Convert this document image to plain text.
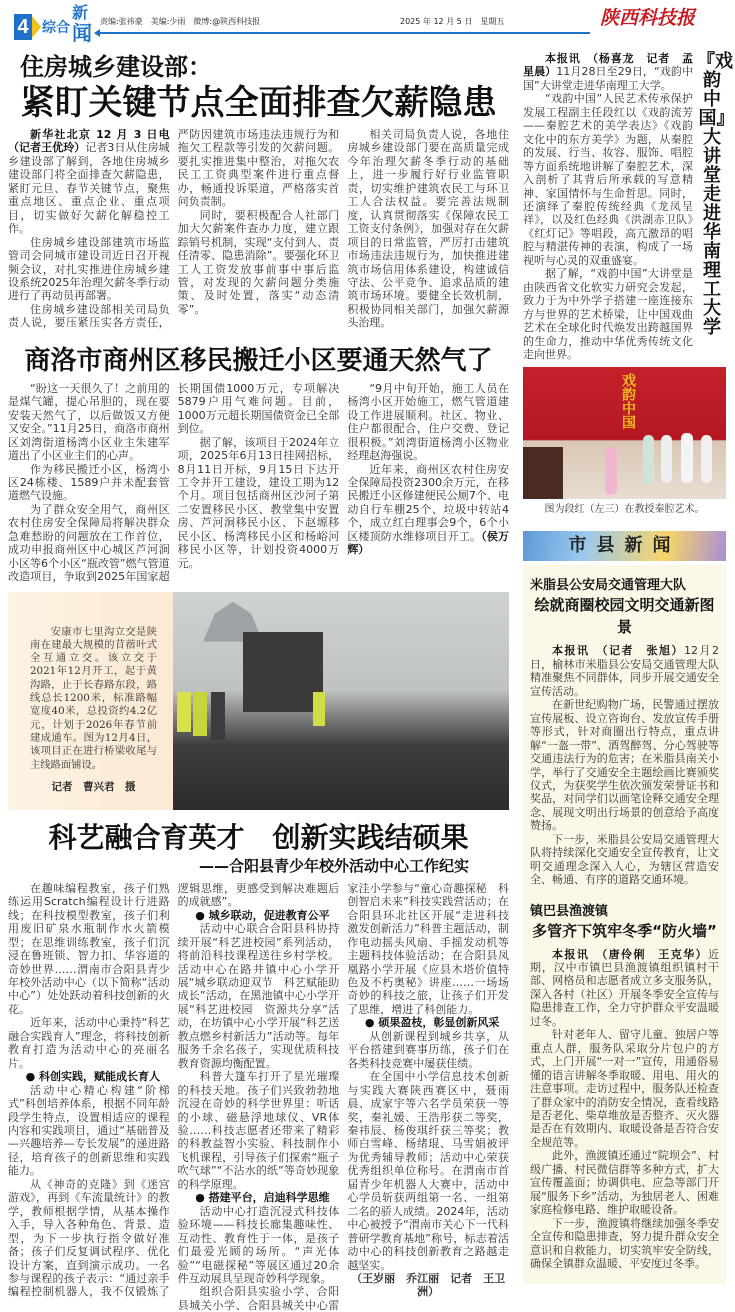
4 综合
新
闻 责编:张祎豪　美编:少雨　微博:@陕西科技报	2025 年 12 月 5 日　星期五	陕西科技报
住房城乡建设部：
紧盯关键节点全面排查欠薪隐患

新华社北京 12 月 3 日电　（记者王优玲）记者3日从住房城乡建设部了解到，各地住房城乡建设部门将全面排查欠薪隐患，紧盯元旦、春节关键节点，聚焦重点地区、重点企业、重点项目，切实做好欠薪化解稳控工作。

住房城乡建设部建筑市场监管司会同城市建设司近日召开视频会议，对扎实推进住房城乡建设系统2025年治理欠薪冬季行动进行了再动员再部署。

住房城乡建设部相关司局负责人说，要压紧压实各方责任，严防因建筑市场违法违规行为和拖欠工程款等引发的欠薪问题。要扎实推进集中整治，对拖欠农民工工资典型案件进行重点督办，畅通投诉渠道，严格落实首问负责制。

同时，要积极配合人社部门加大欠薪案件查办力度，建立跟踪销号机制，实现“支付到人、责任清零、隐患消除”。要强化环卫工人工资发放事前事中事后监管，对发现的欠薪问题分类施策、及时处置，落实“动态清零”。

相关司局负责人说，各地住房城乡建设部门要在高质量完成今年治理欠薪冬季行动的基础上，进一步履行好行业监管职责，切实维护建筑农民工与环卫工人合法权益。要完善法规制度，认真贯彻落实《保障农民工工资支付条例》，加强对存在欠薪项目的日常监管，严厉打击建筑市场违法违规行为，加快推进建筑市场信用体系建设，构建诚信守法、公平竞争、追求品质的建筑市场环境。要健全长效机制，积极协同相关部门，加强欠薪源头治理。

商洛市商州区移民搬迁小区要通天然气了

“盼这一天很久了！之前用的是煤气罐，提心吊胆的，现在要安装天然气了，以后做饭又方便又安全。”11月25日，商洛市商州区刘湾街道杨湾小区业主朱建军道出了小区业主们的心声。

作为移民搬迁小区，杨湾小区24栋楼、1589户并未配套管道燃气设施。

为了群众安全用气，商州区农村住房安全保障局将解决群众急难愁盼的问题放在工作首位，成功申报商州区中心城区芦河涧小区等6个小区“瓶改管”燃气管道改造项目，争取到2025年国家超长期国债1000万元，专项解决5879户用气难问题。目前，1000万元超长期国债资金已全部到位。

据了解，该项目于2024年立项，2025年6月13日挂网招标，8月11日开标，9月15日下达开工令并开工建设，建设工期为12个月。项目包括商州区沙河子第二安置移民小区、教堂集中安置房、芦河涧移民小区、下赵塬移民小区、杨湾移民小区和杨峪河移民小区等，计划投资4000万元。

“9月中旬开始，施工人员在杨湾小区开始施工，燃气管道建设工作进展顺利。社区、物业、住户都很配合，住户交费、登记很积极。”刘湾街道杨湾小区物业经理赵海强说。

近年来，商州区农村住房安全保障局投资2300余万元，在移民搬迁小区修建便民公厕7个、电动自行车棚25个、垃圾中转站4个，成立红白理事会9个，6个小区楼顶防水维修项目开工。（侯万辉）

安康市七里沟立交是陕南在建最大规模的苜蓿叶式全互通立交。该立交于2021年12月开工，起于黄沟路，止于长春路东段，路线总长1200米，标准路幅宽度40米，总投资约4.2亿元，计划于2026年春节前建成通车。图为12月4日，该项目正在进行桥梁收尾与主线路面铺设。
记者　曹兴君　摄
科艺融合育英才　创新实践结硕果
——合阳县青少年校外活动中心工作纪实

在趣味编程教室，孩子们熟练运用Scratch编程设计行进路线；在科技模型教室，孩子们利用废旧矿泉水瓶制作水火箭模型；在思维训练教室，孩子们沉浸在鲁班锁、智力扣、华容道的奇妙世界……渭南市合阳县青少年校外活动中心（以下简称“活动中心”）处处跃动着科技创新的火花。

近年来，活动中心秉持“科艺融合实践育人”理念，将科技创新教育打造为活动中心的亮丽名片。

● 科创实践，赋能成长育人

活动中心精心构建“阶梯式”科创培养体系，根据不同年龄段学生特点，设置相适应的课程内容和实践项目，通过“基础普及—兴趣培养—专长发展”的递进路径，培育孩子的创新思维和实践能力。

从《神奇的克隆》到《迷宫游戏》，再到《车流量统计》的教学，教师根据学情，从基本操作入手，导入各种角色、背景、造型，为下一步执行指令做好准备；孩子们反复调试程序、优化设计方案，直到演示成功。一名参与课程的孩子表示：“通过亲手编程控制机器人，我不仅锻炼了逻辑思维，更感受到解决难题后的成就感”。

● 城乡联动，促进教育公平

活动中心联合合阳县科协持续开展“科艺进校园”系列活动，将前沿科技课程送往乡村学校。活动中心在路井镇中心小学开展“城乡联动迎双节　科艺赋能助成长”活动，在黑池镇中心小学开展“科艺进校园　资源共分享”活动，在坊镇中心小学开展“科艺送教点燃乡村新活力”活动等。每年服务千余名孩子，实现优质科技教育资源均衡配置。

科普大篷车打开了星光璀璨的科技天地。孩子们兴致勃勃地沉浸在奇妙的科学世界里：听话的小球、磁悬浮地球仪、VR体验……科技志愿者还带来了精彩的科教益智小实验、科技制作小飞机课程，引导孩子们探索“瓶子吹气球”“不沾水的纸”等奇妙现象的科学原理。

● 搭建平台，启迪科学思维

活动中心打造沉浸式科技体验环境——科技长廊集趣味性、互动性、教育性于一体，是孩子们最爱光顾的场所。“声光体验”“电磁探秘”等展区通过20余件互动展具呈现奇妙科学现象。

组织合阳县实验小学、合阳县城关小学、合阳县城关中心雷家洼小学参与“童心奇趣探秘　科创智启未来”科技实践营活动；在合阳县环北社区开展“走进科技　激发创新活力”科普主题活动，制作电动摇头风扇、手摇发动机等主题科技体验活动；在合阳县凤凰路小学开展《应县木塔价值特色及不朽奥秘》讲座……一场场奇妙的科技之旅，让孩子们开发了思维，增进了科创能力。

● 硕果盈枝，彰显创新风采

从创新课程到城乡共享，从平台搭建到赛事历练，孩子们在各类科技竞赛中屡获佳绩。

在全国中小学信息技术创新与实践大赛陕西赛区中，聂雨晨、成家宇等六名学员荣获一等奖，秦礼媛、王浩彤获二等奖，秦祎辰、杨俊琪纤获三等奖；教师白雪峰、杨绪琨、马雪娟被评为优秀辅导教师；活动中心荣获优秀组织单位称号。在渭南市首届青少年机器人大赛中，活动中心学员斩获两组第一名、一组第二名的骄人成绩。2024年，活动中心被授予“渭南市关心下一代科普研学教育基地”称号，标志着活动中心的科技创新教育之路越走越坚实。

（王岁丽　乔江丽　记者　王卫洲）

本报讯　（杨喜龙　记者　孟星晨）11月28日至29日，“戏韵中国”大讲堂走进华南理工大学。

“戏韵中国”人民艺术传承保护发展工程副主任段红以《戏韵流芳——秦腔艺术的美学表达》《戏韵文化中的东方美学》为题，从秦腔的发展、行当、妆容、服饰、唱腔等方面系统地讲解了秦腔艺术，深入剖析了其背后所承载的写意精神、家国情怀与生命哲思。同时，还演绎了秦腔传统经典《龙凤呈祥》，以及红色经典《洪湖赤卫队》《红灯记》等唱段，高亢激昂的唱腔与精湛传神的表演，构成了一场视听与心灵的双重盛宴。

据了解，“戏韵中国”大讲堂是由陕西省文化软实力研究会发起，致力于为中外学子搭建一座连接东方与世界的艺术桥梁，让中国戏曲艺术在全球化时代焕发出跨越国界的生命力，推动中华优秀传统文化走向世界。

『戏韵中国』大讲堂走进华南理工大学
戏韵中国
图为段红（左三）在教授秦腔艺术。
市县新闻
米脂县公安局交通管理大队
绘就商圈校园文明交通新图景

本报讯　（记者　张旭）12月2日，榆林市米脂县公安局交通管理大队精准聚焦不同群体，同步开展交通安全宣传活动。

在新世纪购物广场，民警通过摆放宣传展板、设立咨询台、发放宣传手册等形式，针对商圈出行特点，重点讲解“一盔一带”、酒驾醉驾、分心驾驶等交通违法行为的危害；在米脂县南关小学，举行了交通安全主题绘画比赛颁奖仪式，为获奖学生依次颁发荣誉证书和奖品，对同学们以画笔诠释交通安全理念、展现文明出行场景的创意给予高度赞扬。

下一步，米脂县公安局交通管理大队将持续深化交通安全宣传教育，让文明交通理念深入人心，为辖区营造安全、畅通、有序的道路交通环境。

镇巴县渔渡镇
多管齐下筑牢冬季“防火墙”

本报讯　（唐伶俐　王克华）近期，汉中市镇巴县渔渡镇组织镇村干部、网格员和志愿者成立多支服务队，深入各村（社区）开展冬季安全宣传与隐患排查工作，全力守护群众平安温暖过冬。

针对老年人、留守儿童、独居户等重点人群，服务队采取分片包户的方式，上门开展“一对一”宣传，用通俗易懂的语言讲解冬季取暖、用电、用火的注意事项。走访过程中，服务队还检查了群众家中的消防安全情况，查看线路是否老化、柴草堆放是否整齐、灭火器是否在有效期内、取暖设备是否符合安全规范等。

此外，渔渡镇还通过“院坝会”、村级广播、村民微信群等多种方式，扩大宣传覆盖面；协调供电、应急等部门开展“服务下乡”活动，为独居老人、困难家庭检修电路、维护取暖设备。

下一步，渔渡镇将继续加强冬季安全宣传和隐患排查，努力提升群众安全意识和自救能力，切实筑牢安全防线，确保全镇群众温暖、平安度过冬季。
